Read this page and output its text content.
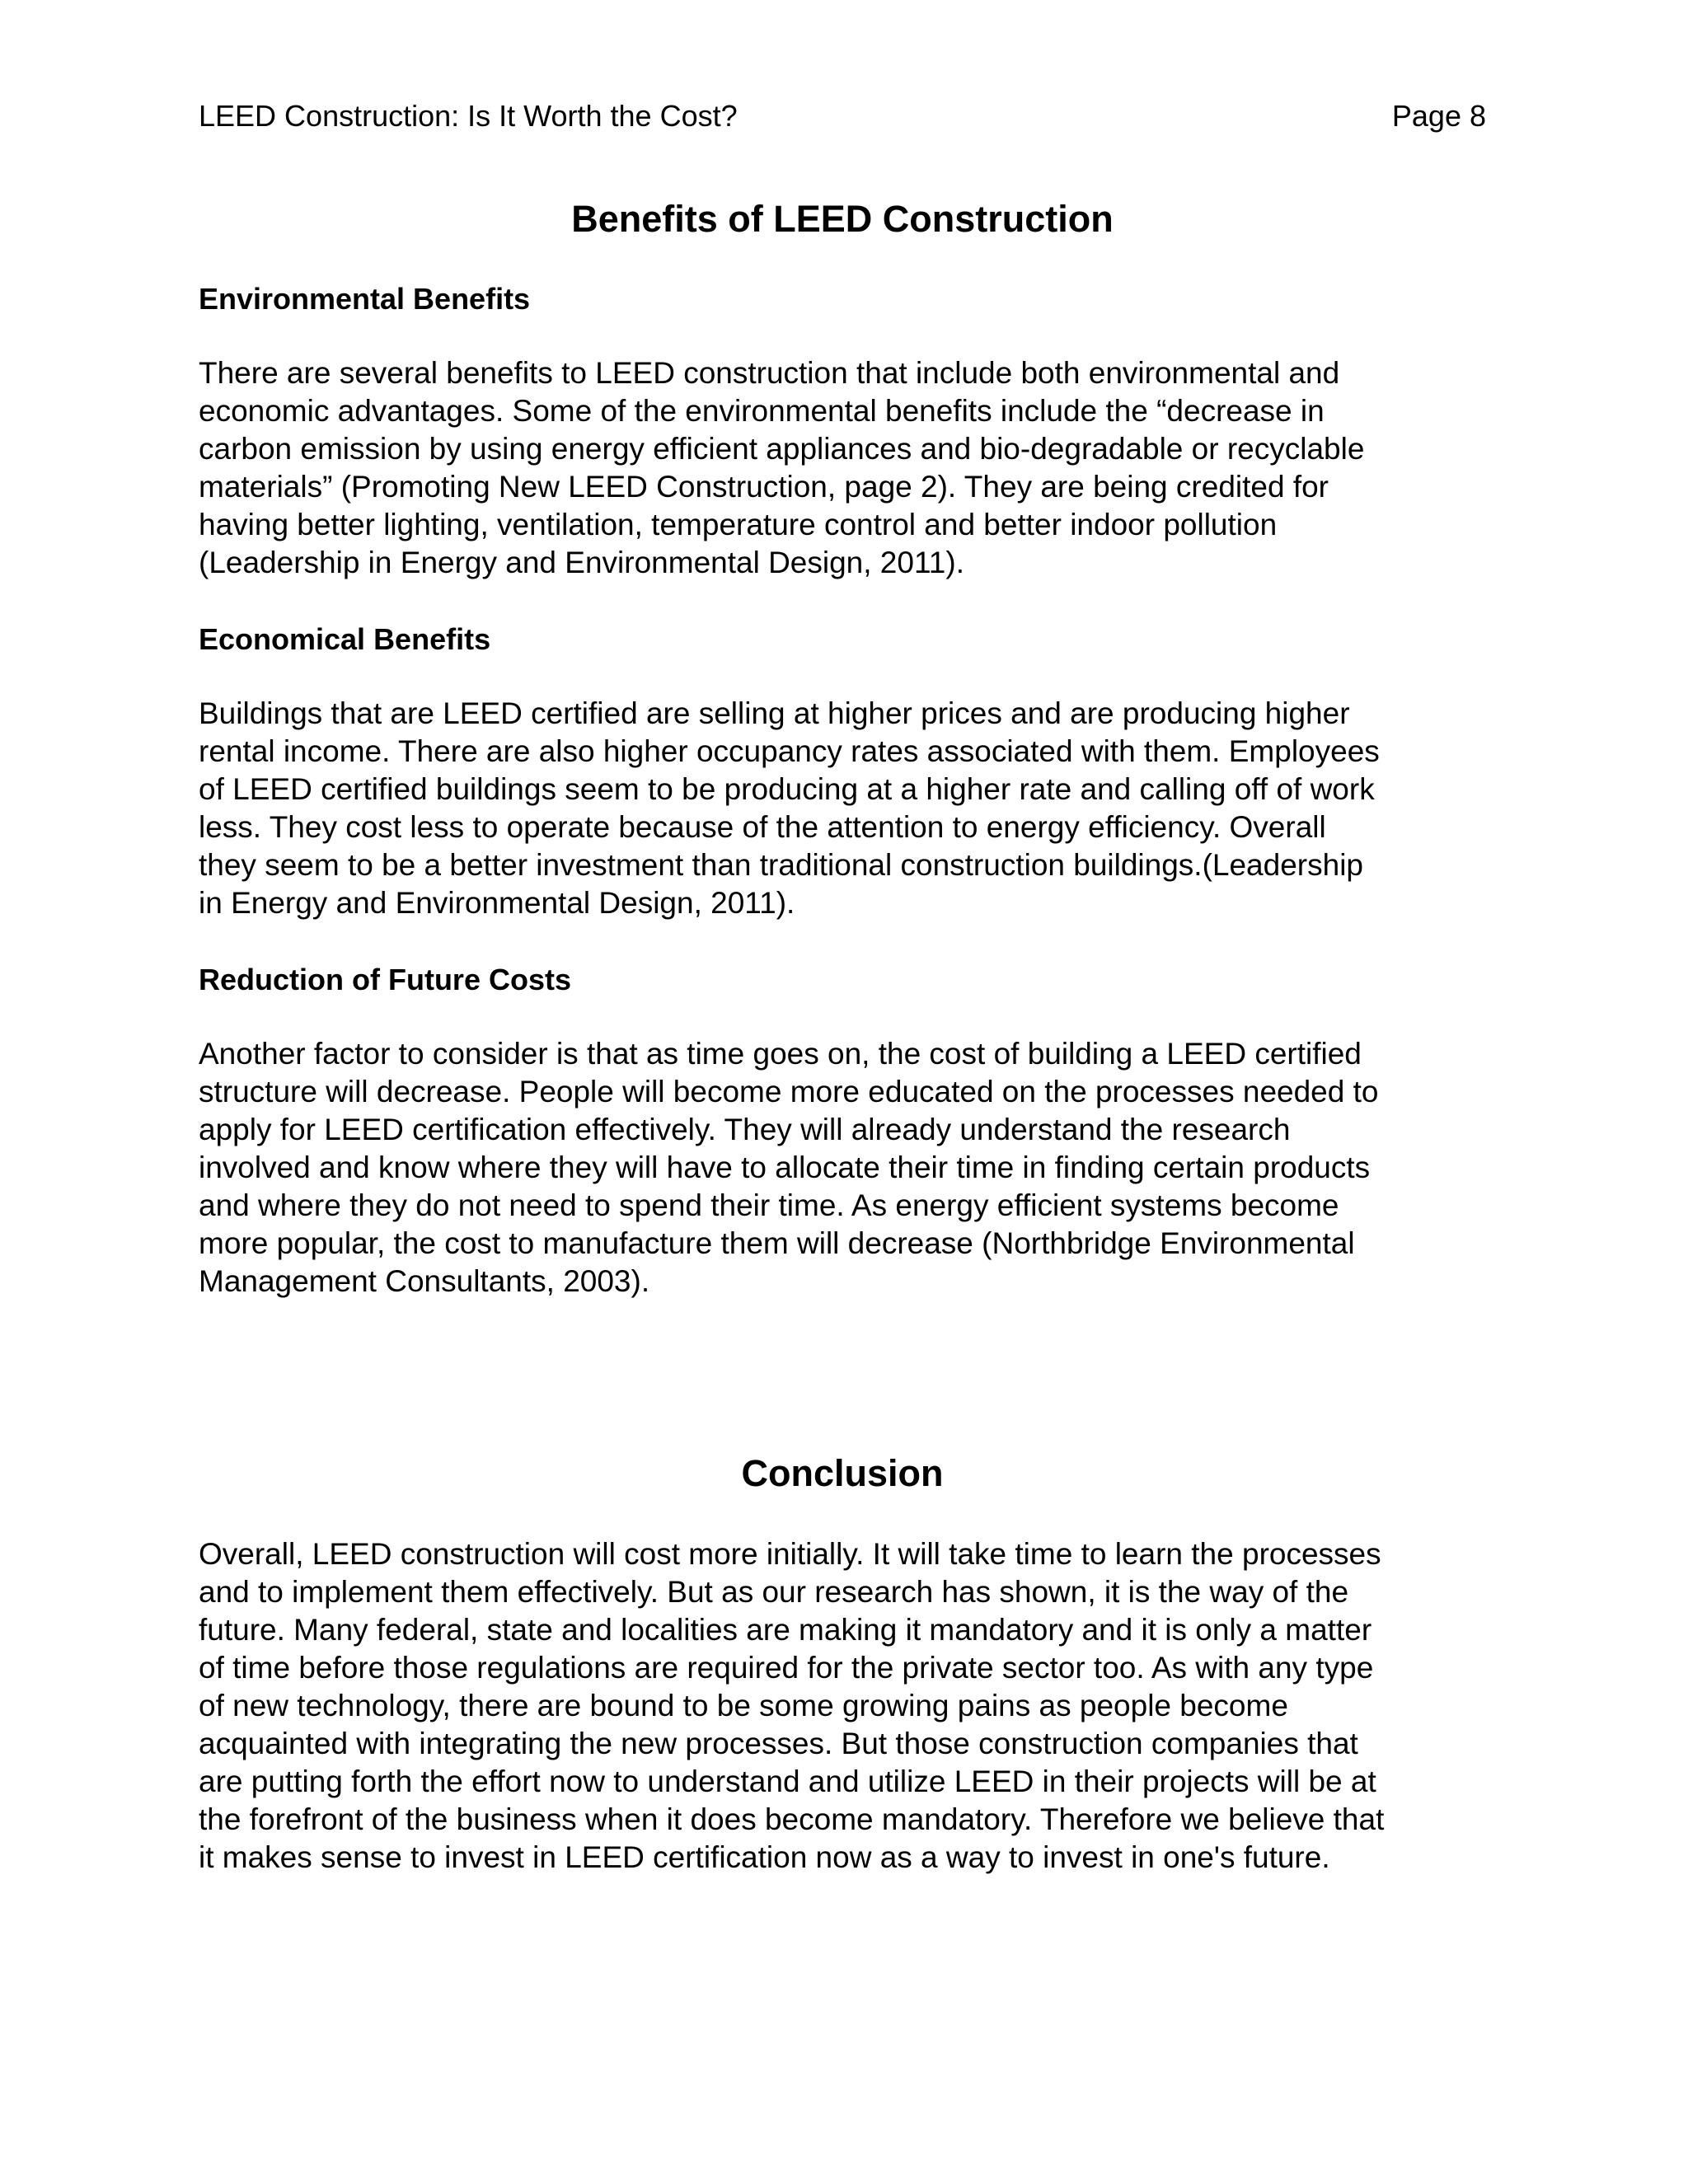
LEED Construction: Is It Worth the Cost?	Page 8
Benefits of LEED Construction
Environmental Benefits

There are several benefits to LEED construction that include both environmental and
economic advantages. Some of the environmental benefits include the “decrease in
carbon emission by using energy efficient appliances and bio-degradable or recyclable
materials” (Promoting New LEED Construction, page 2). They are being credited for
having better lighting, ventilation, temperature control and better indoor pollution
(Leadership in Energy and Environmental Design, 2011).

Economical Benefits

Buildings that are LEED certified are selling at higher prices and are producing higher
rental income. There are also higher occupancy rates associated with them. Employees
of LEED certified buildings seem to be producing at a higher rate and calling off of work
less. They cost less to operate because of the attention to energy efficiency. Overall
they seem to be a better investment than traditional construction buildings.(Leadership
in Energy and Environmental Design, 2011).

Reduction of Future Costs

Another factor to consider is that as time goes on, the cost of building a LEED certified
structure will decrease. People will become more educated on the processes needed to
apply for LEED certification effectively. They will already understand the research
involved and know where they will have to allocate their time in finding certain products
and where they do not need to spend their time. As energy efficient systems become
more popular, the cost to manufacture them will decrease (Northbridge Environmental
Management Consultants, 2003).

Conclusion

Overall, LEED construction will cost more initially. It will take time to learn the processes
and to implement them effectively. But as our research has shown, it is the way of the
future. Many federal, state and localities are making it mandatory and it is only a matter
of time before those regulations are required for the private sector too. As with any type
of new technology, there are bound to be some growing pains as people become
acquainted with integrating the new processes. But those construction companies that
are putting forth the effort now to understand and utilize LEED in their projects will be at
the forefront of the business when it does become mandatory. Therefore we believe that
it makes sense to invest in LEED certification now as a way to invest in one's future.
